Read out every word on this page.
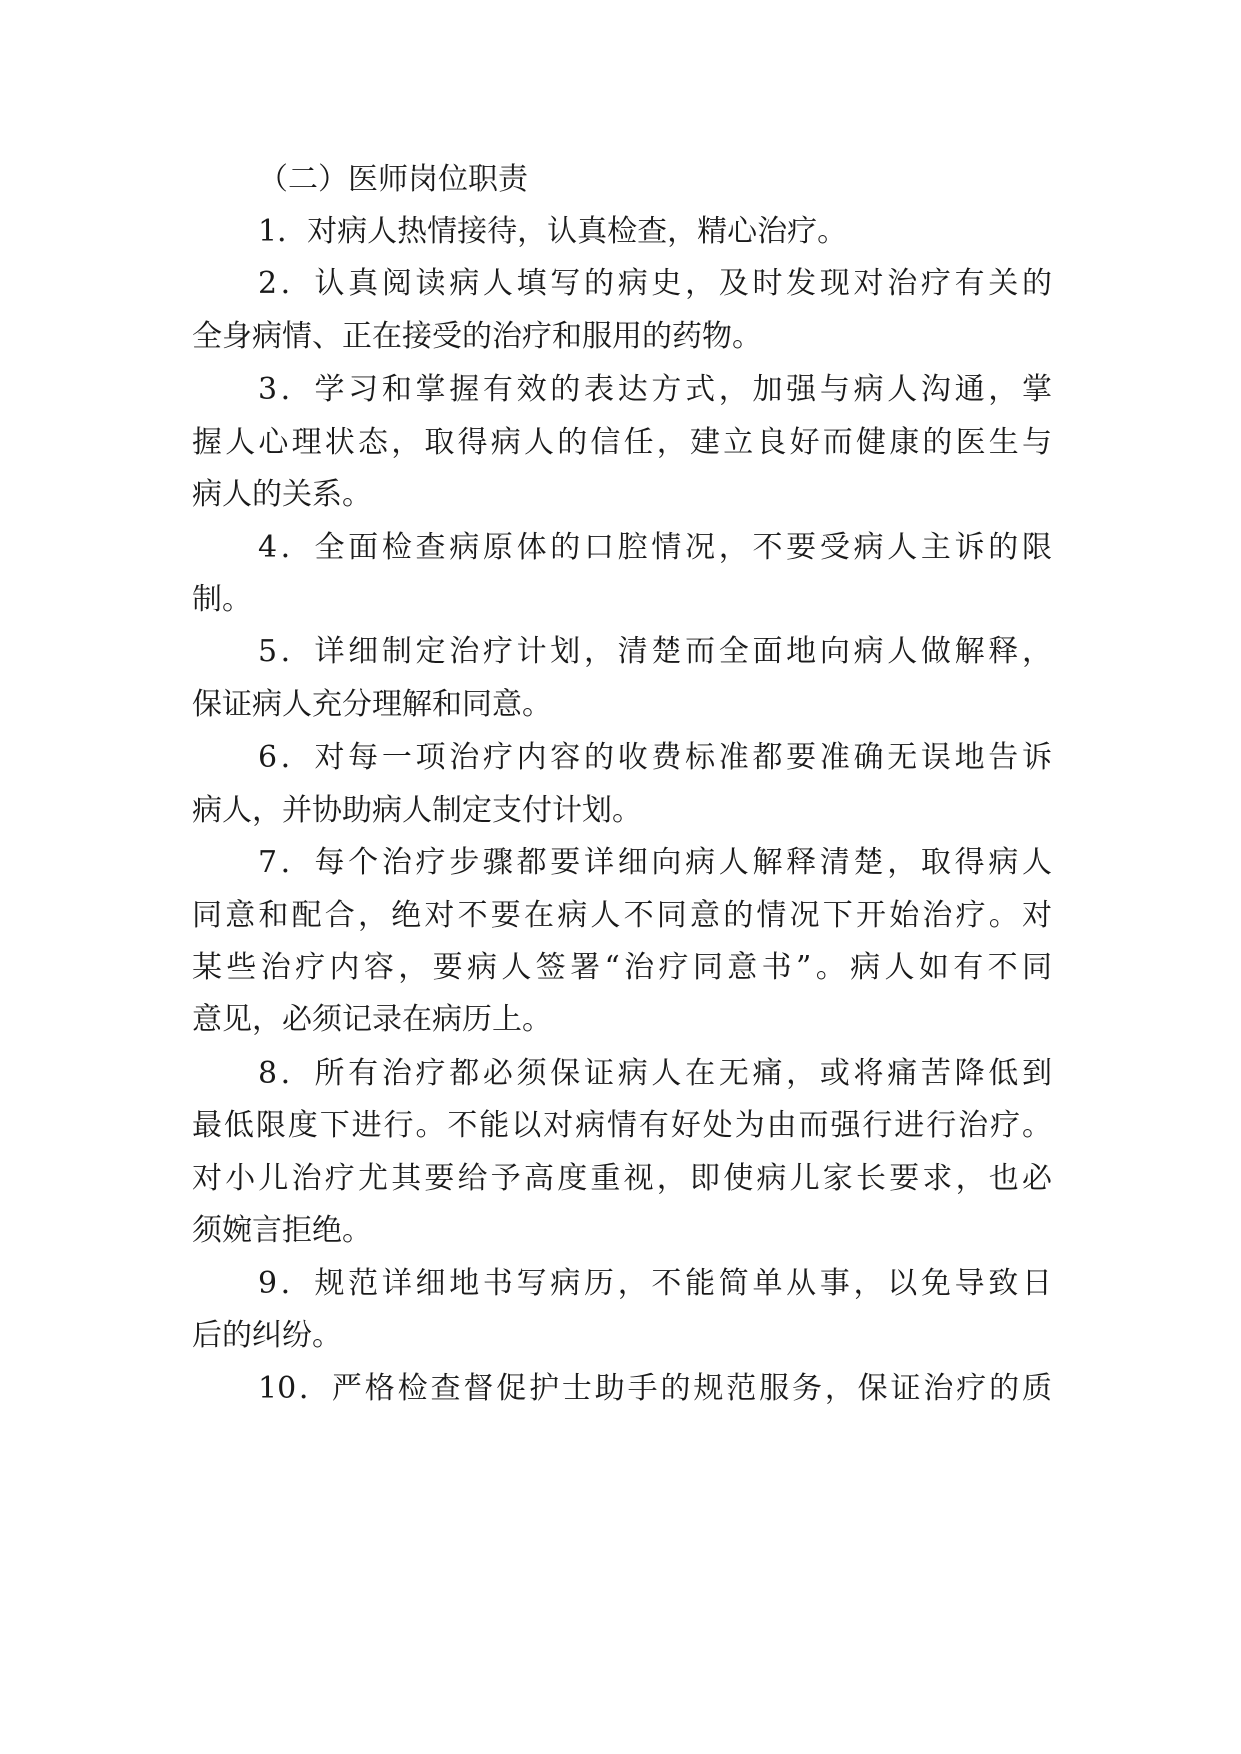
（二）医师岗位职责
1．对病人热情接待，认真检查，精心治疗。
2．认真阅读病人填写的病史，及时发现对治疗有关的
全身病情、正在接受的治疗和服用的药物。
3．学习和掌握有效的表达方式，加强与病人沟通，掌
握人心理状态，取得病人的信任，建立良好而健康的医生与
病人的关系。
4．全面检查病原体的口腔情况，不要受病人主诉的限
制。
5．详细制定治疗计划，清楚而全面地向病人做解释，
保证病人充分理解和同意。
6．对每一项治疗内容的收费标准都要准确无误地告诉
病人，并协助病人制定支付计划。
7．每个治疗步骤都要详细向病人解释清楚，取得病人
同意和配合，绝对不要在病人不同意的情况下开始治疗。对
某些治疗内容，要病人签署“治疗同意书”。病人如有不同
意见，必须记录在病历上。
8．所有治疗都必须保证病人在无痛，或将痛苦降低到
最低限度下进行。不能以对病情有好处为由而强行进行治疗。
对小儿治疗尤其要给予高度重视，即使病儿家长要求，也必
须婉言拒绝。
9．规范详细地书写病历，不能简单从事，以免导致日
后的纠纷。
10．严格检查督促护士助手的规范服务，保证治疗的质
